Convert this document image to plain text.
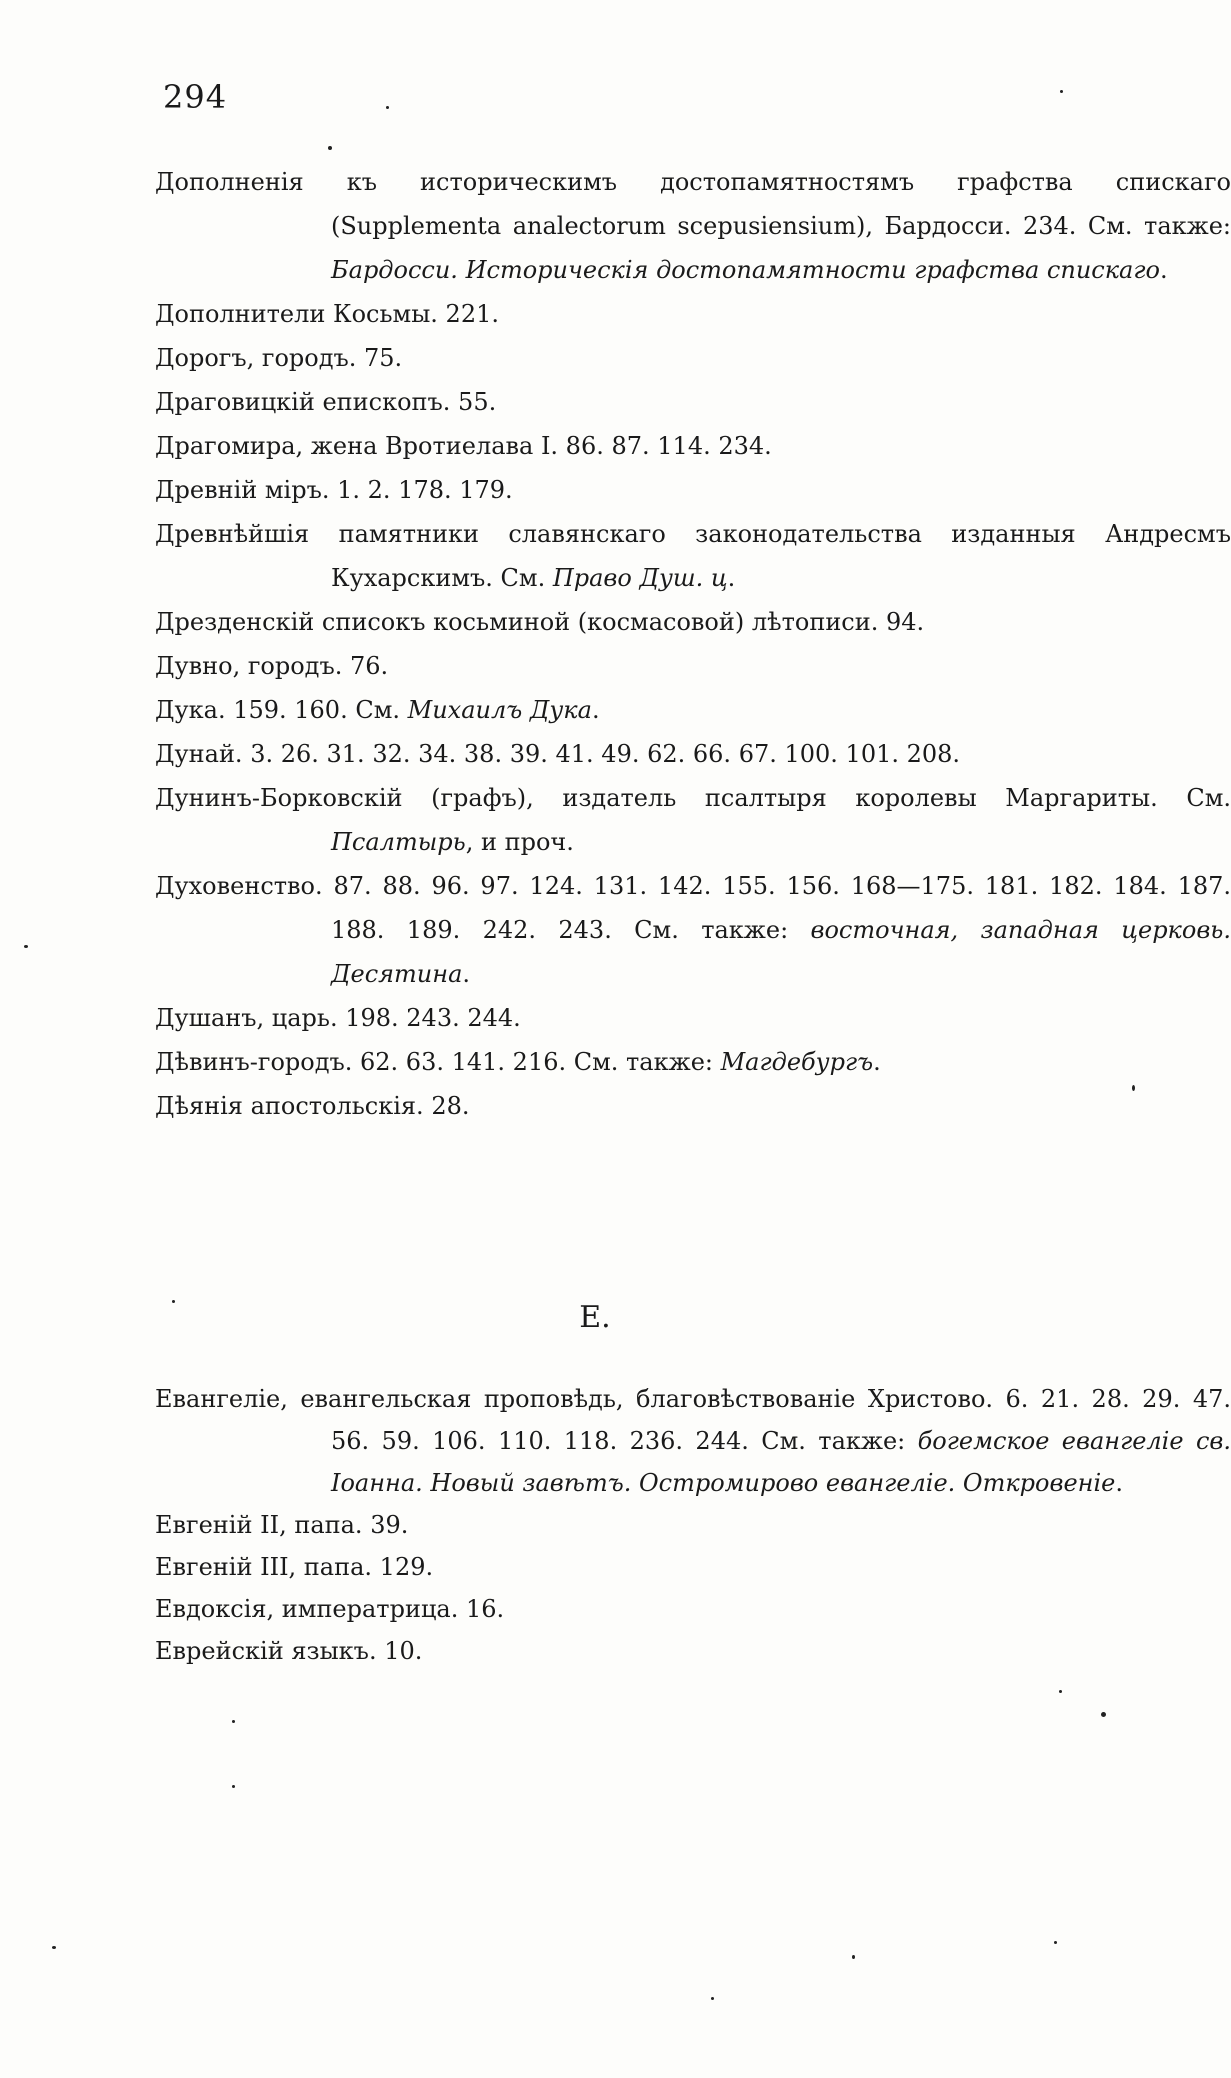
294
Дополненія къ историческимъ достопамятностямъ графства спискаго (Supplementa analectorum scepusiensium), Бардосси. 234. См. также: Бардосси. Историческія достопамятности графства спискаго.
Дополнители Косьмы. 221.
Дорогъ, городъ. 75.
Драговицкій епископъ. 55.
Драгомира, жена Вротиелава I. 86. 87. 114. 234.
Древній міръ. 1. 2. 178. 179.
Древнѣйшія памятники славянскаго законодательства изданныя Андресмъ Кухарскимъ. См. Право Душ. ц.
Дрезденскій списокъ косьминой (космасовой) лѣтописи. 94.
Дувно, городъ. 76.
Дука. 159. 160. См. Михаилъ Дука.
Дунай. 3. 26. 31. 32. 34. 38. 39. 41. 49. 62. 66. 67. 100. 101. 208.
Дунинъ-Борковскій (графъ), издатель псалтыря королевы Маргариты. См. Псалтырь, и проч.
Духовенство. 87. 88. 96. 97. 124. 131. 142. 155. 156. 168—175. 181. 182. 184. 187. 188. 189. 242. 243. См. также: восточная, западная церковь. Десятина.
Душанъ, царь. 198. 243. 244.
Дѣвинъ-городъ. 62. 63. 141. 216. См. также: Магдебургъ.
Дѣянія апостольскія. 28.
Е.
Евангеліе, евангельская проповѣдь, благовѣствованіе Христово. 6. 21. 28. 29. 47. 56. 59. 106. 110. 118. 236. 244. См. также: богемское евангеліе св. Іоанна. Новый завѣтъ. Остромирово евангеліе. Откровеніе.
Евгеній II, папа. 39.
Евгеній III, папа. 129.
Евдоксія, императрица. 16.
Еврейскій языкъ. 10.
